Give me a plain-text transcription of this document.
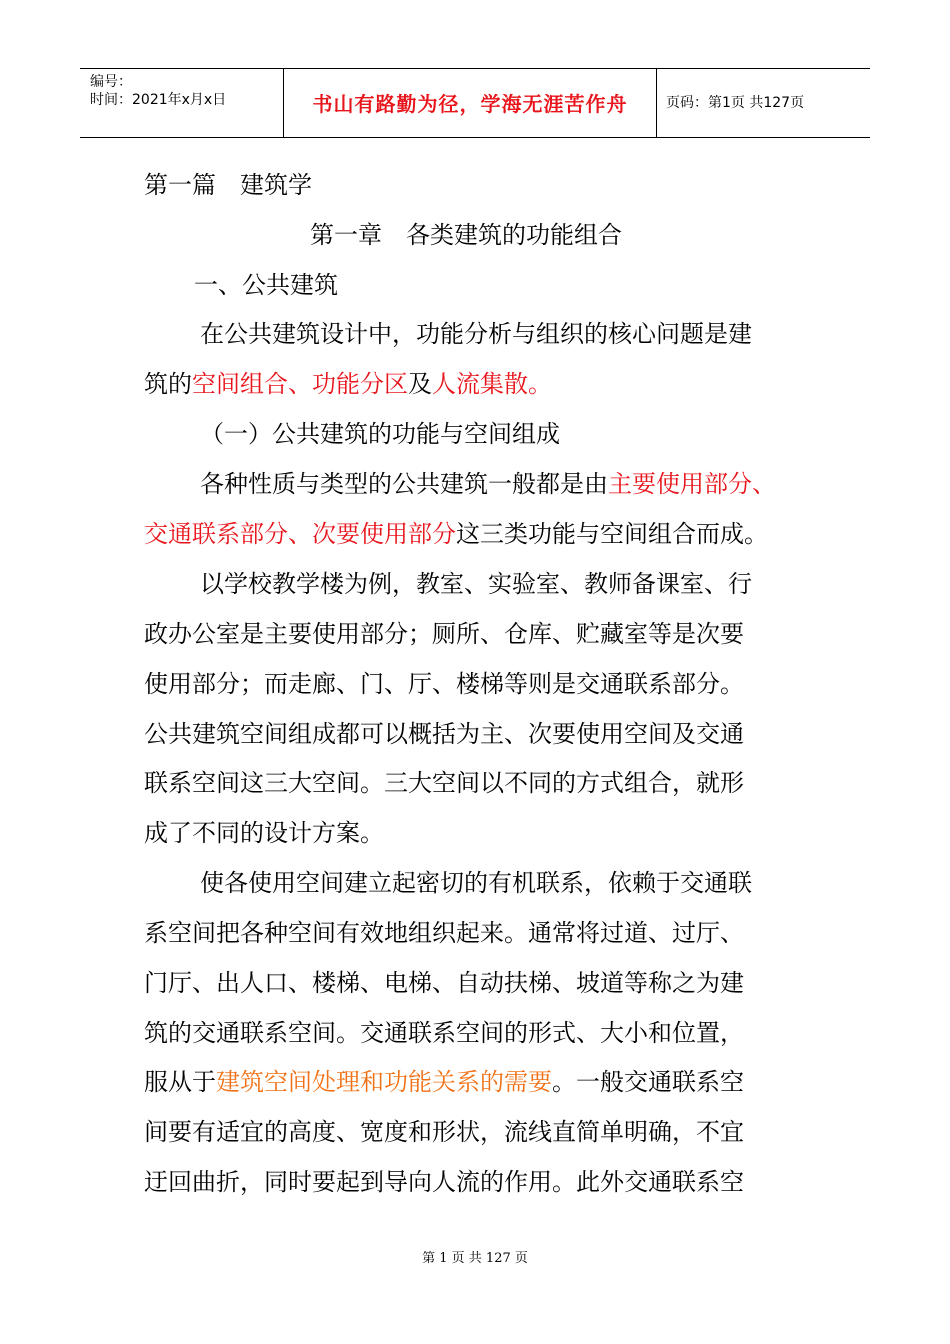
编号：
时间：2021年x月x日	书山有路勤为径，学海无涯苦作舟	页码：第1页 共127页
第一篇　建筑学
第一章　各类建筑的功能组合
一、公共建筑
在公共建筑设计中，功能分析与组织的核心问题是建
筑的空间组合、功能分区及人流集散。
（一）公共建筑的功能与空间组成
各种性质与类型的公共建筑一般都是由主要使用部分、
交通联系部分、次要使用部分这三类功能与空间组合而成。
以学校教学楼为例，教室、实验室、教师备课室、行
政办公室是主要使用部分；厕所、仓库、贮藏室等是次要
使用部分；而走廊、门、厅、楼梯等则是交通联系部分。
公共建筑空间组成都可以概括为主、次要使用空间及交通
联系空间这三大空间。三大空间以不同的方式组合，就形
成了不同的设计方案。
使各使用空间建立起密切的有机联系，依赖于交通联
系空间把各种空间有效地组织起来。通常将过道、过厅、
门厅、出人口、楼梯、电梯、自动扶梯、坡道等称之为建
筑的交通联系空间。交通联系空间的形式、大小和位置，
服从于建筑空间处理和功能关系的需要。一般交通联系空
间要有适宜的高度、宽度和形状，流线直简单明确，不宜
迂回曲折，同时要起到导向人流的作用。此外交通联系空
第 1 页 共 127 页
